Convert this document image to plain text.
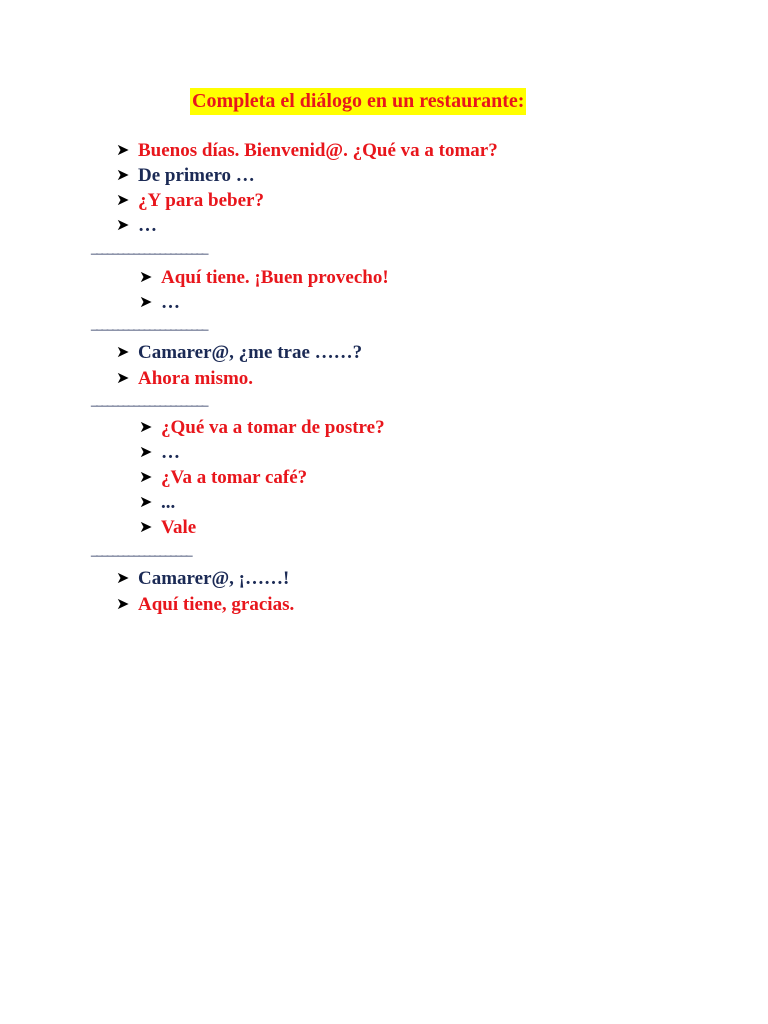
Completa el diálogo en un restaurante:
➤ Buenos días. Bienvenid@. ¿Qué va a tomar?
➤ De primero …
➤ ¿Y para beber?
➤ …
______________________
➤ Aquí tiene. ¡Buen provecho!
➤ …
______________________
➤ Camarer@, ¿me trae ……?
➤ Ahora mismo.
______________________
➤ ¿Qué va a tomar de postre?
➤ …
➤ ¿Va a tomar café?
➤ ...
➤ Vale
___________________
➤ Camarer@, ¡……!
➤ Aquí tiene, gracias.
